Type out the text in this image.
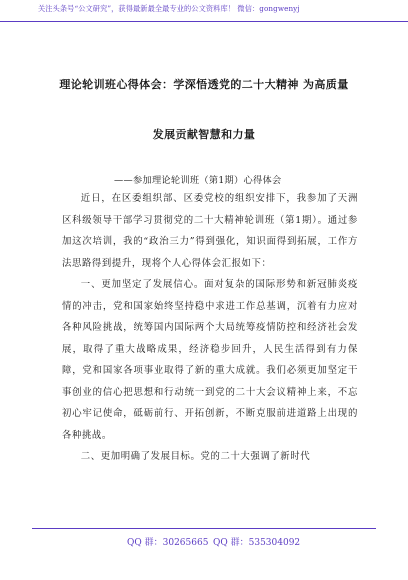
关注头条号“公文研究”，获得最新最全最专业的公文资料库！ 微信：gongwenyj
理论轮训班心得体会：学深悟透党的二十大精神 为高质量
发展贡献智慧和力量
——参加理论轮训班（第1期）心得体会

近日，在区委组织部、区委党校的组织安排下，我参加了天洲区科级领导干部学习贯彻党的二十大精神轮训班（第1期）。通过参加这次培训，我的“政治三力”得到强化，知识面得到拓展，工作方法思路得到提升，现将个人心得体会汇报如下：

一、更加坚定了发展信心。面对复杂的国际形势和新冠肺炎疫情的冲击，党和国家始终坚持稳中求进工作总基调，沉着有力应对各种风险挑战，统筹国内国际两个大局统筹疫情防控和经济社会发展，取得了重大战略成果，经济稳步回升，人民生活得到有力保障，党和国家各项事业取得了新的重大成就。我们必须更加坚定干事创业的信心把思想和行动统一到党的二十大会议精神上来，不忘初心牢记使命，砥砺前行、开拓创新，不断克服前进道路上出现的各种挑战。

二、更加明确了发展目标。党的二十大强调了新时代

QQ 群：30265665 QQ 群：535304092
